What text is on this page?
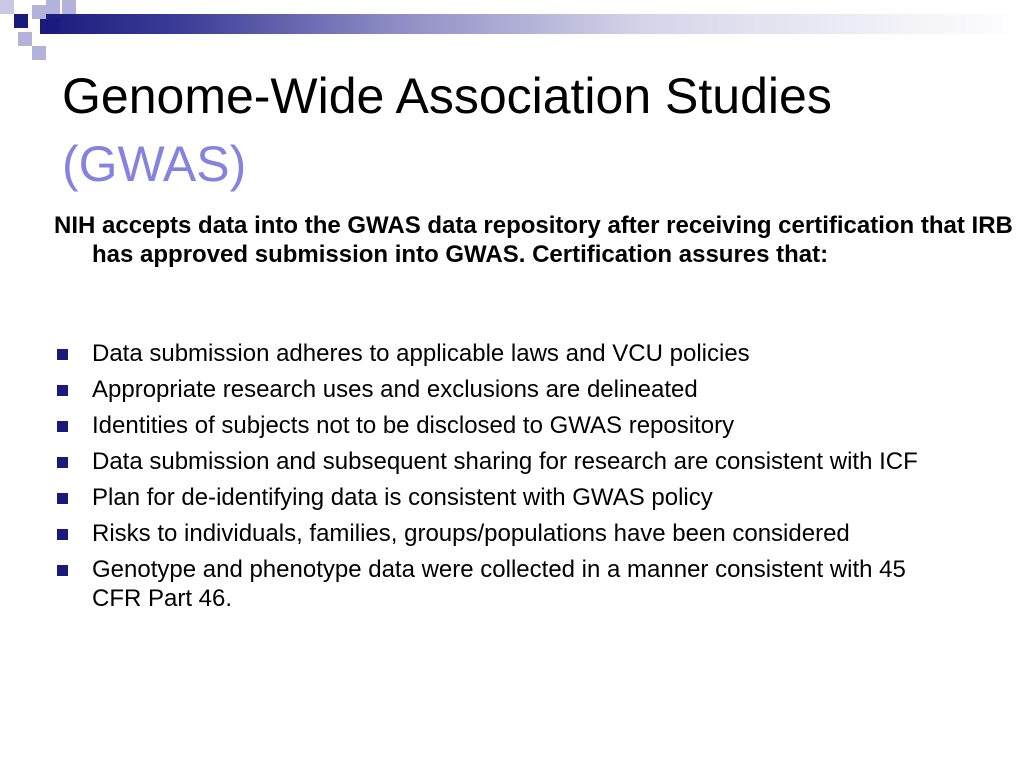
Genome-Wide Association Studies
(GWAS)

NIH accepts data into the GWAS data repository after receiving certification that IRB has approved submission into GWAS. Certification assures that:

Data submission adheres to applicable laws and VCU policies
Appropriate research uses and exclusions are delineated
Identities of subjects not to be disclosed to GWAS repository
Data submission and subsequent sharing for research are consistent with ICF
Plan for de-identifying data is consistent with GWAS policy
Risks to individuals, families, groups/populations have been considered
Genotype and phenotype data were collected in a manner consistent with 45 CFR Part 46.
